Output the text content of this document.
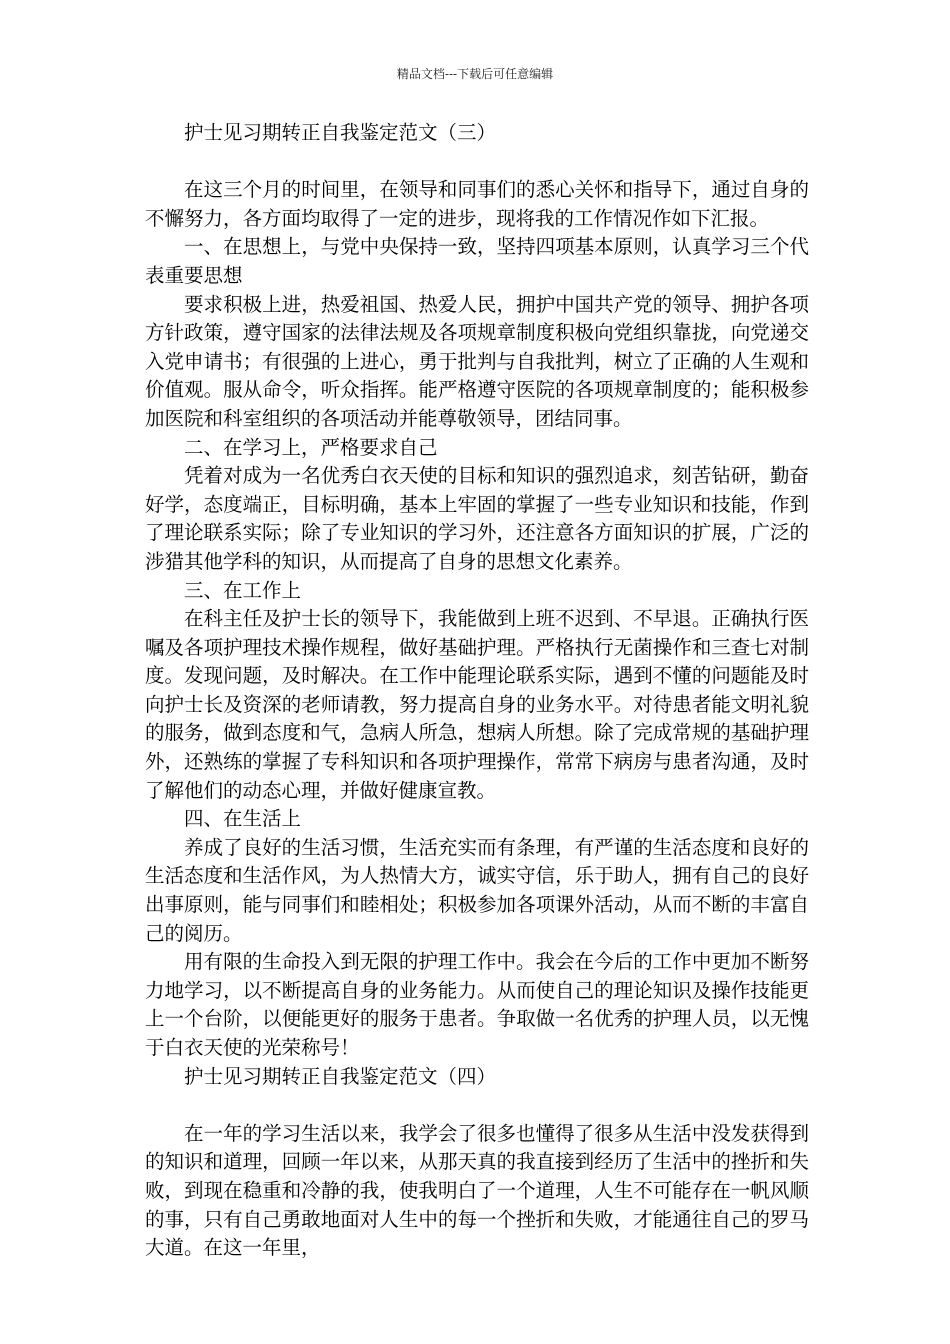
精品文档---下载后可任意编辑
护士见习期转正自我鉴定范文（三）
在这三个月的时间里，在领导和同事们的悉心关怀和指导下，通过自身的不懈努力，各方面均取得了一定的进步，现将我的工作情况作如下汇报。
一、在思想上，与党中央保持一致，坚持四项基本原则，认真学习三个代表重要思想
要求积极上进，热爱祖国、热爱人民，拥护中国共产党的领导、拥护各项方针政策，遵守国家的法律法规及各项规章制度积极向党组织靠拢，向党递交入党申请书；有很强的上进心，勇于批判与自我批判，树立了正确的人生观和价值观。服从命令，听众指挥。能严格遵守医院的各项规章制度的；能积极参加医院和科室组织的各项活动并能尊敬领导，团结同事。
二、在学习上，严格要求自己
凭着对成为一名优秀白衣天使的目标和知识的强烈追求，刻苦钻研，勤奋好学，态度端正，目标明确，基本上牢固的掌握了一些专业知识和技能，作到了理论联系实际；除了专业知识的学习外，还注意各方面知识的扩展，广泛的涉猎其他学科的知识，从而提高了自身的思想文化素养。
三、在工作上
在科主任及护士长的领导下，我能做到上班不迟到、不早退。正确执行医嘱及各项护理技术操作规程，做好基础护理。严格执行无菌操作和三查七对制度。发现问题，及时解决。在工作中能理论联系实际，遇到不懂的问题能及时向护士长及资深的老师请教，努力提高自身的业务水平。对待患者能文明礼貌的服务，做到态度和气，急病人所急，想病人所想。除了完成常规的基础护理外，还熟练的掌握了专科知识和各项护理操作，常常下病房与患者沟通，及时了解他们的动态心理，并做好健康宣教。
四、在生活上
养成了良好的生活习惯，生活充实而有条理，有严谨的生活态度和良好的生活态度和生活作风，为人热情大方，诚实守信，乐于助人，拥有自己的良好出事原则，能与同事们和睦相处；积极参加各项课外活动，从而不断的丰富自己的阅历。
用有限的生命投入到无限的护理工作中。我会在今后的工作中更加不断努力地学习，以不断提高自身的业务能力。从而使自己的理论知识及操作技能更上一个台阶，以便能更好的服务于患者。争取做一名优秀的护理人员，以无愧于白衣天使的光荣称号！
护士见习期转正自我鉴定范文（四）
在一年的学习生活以来，我学会了很多也懂得了很多从生活中没发获得到的知识和道理，回顾一年以来，从那天真的我直接到经历了生活中的挫折和失败，到现在稳重和冷静的我，使我明白了一个道理，人生不可能存在一帆风顺的事，只有自己勇敢地面对人生中的每一个挫折和失败，才能通往自己的罗马大道。在这一年里，
